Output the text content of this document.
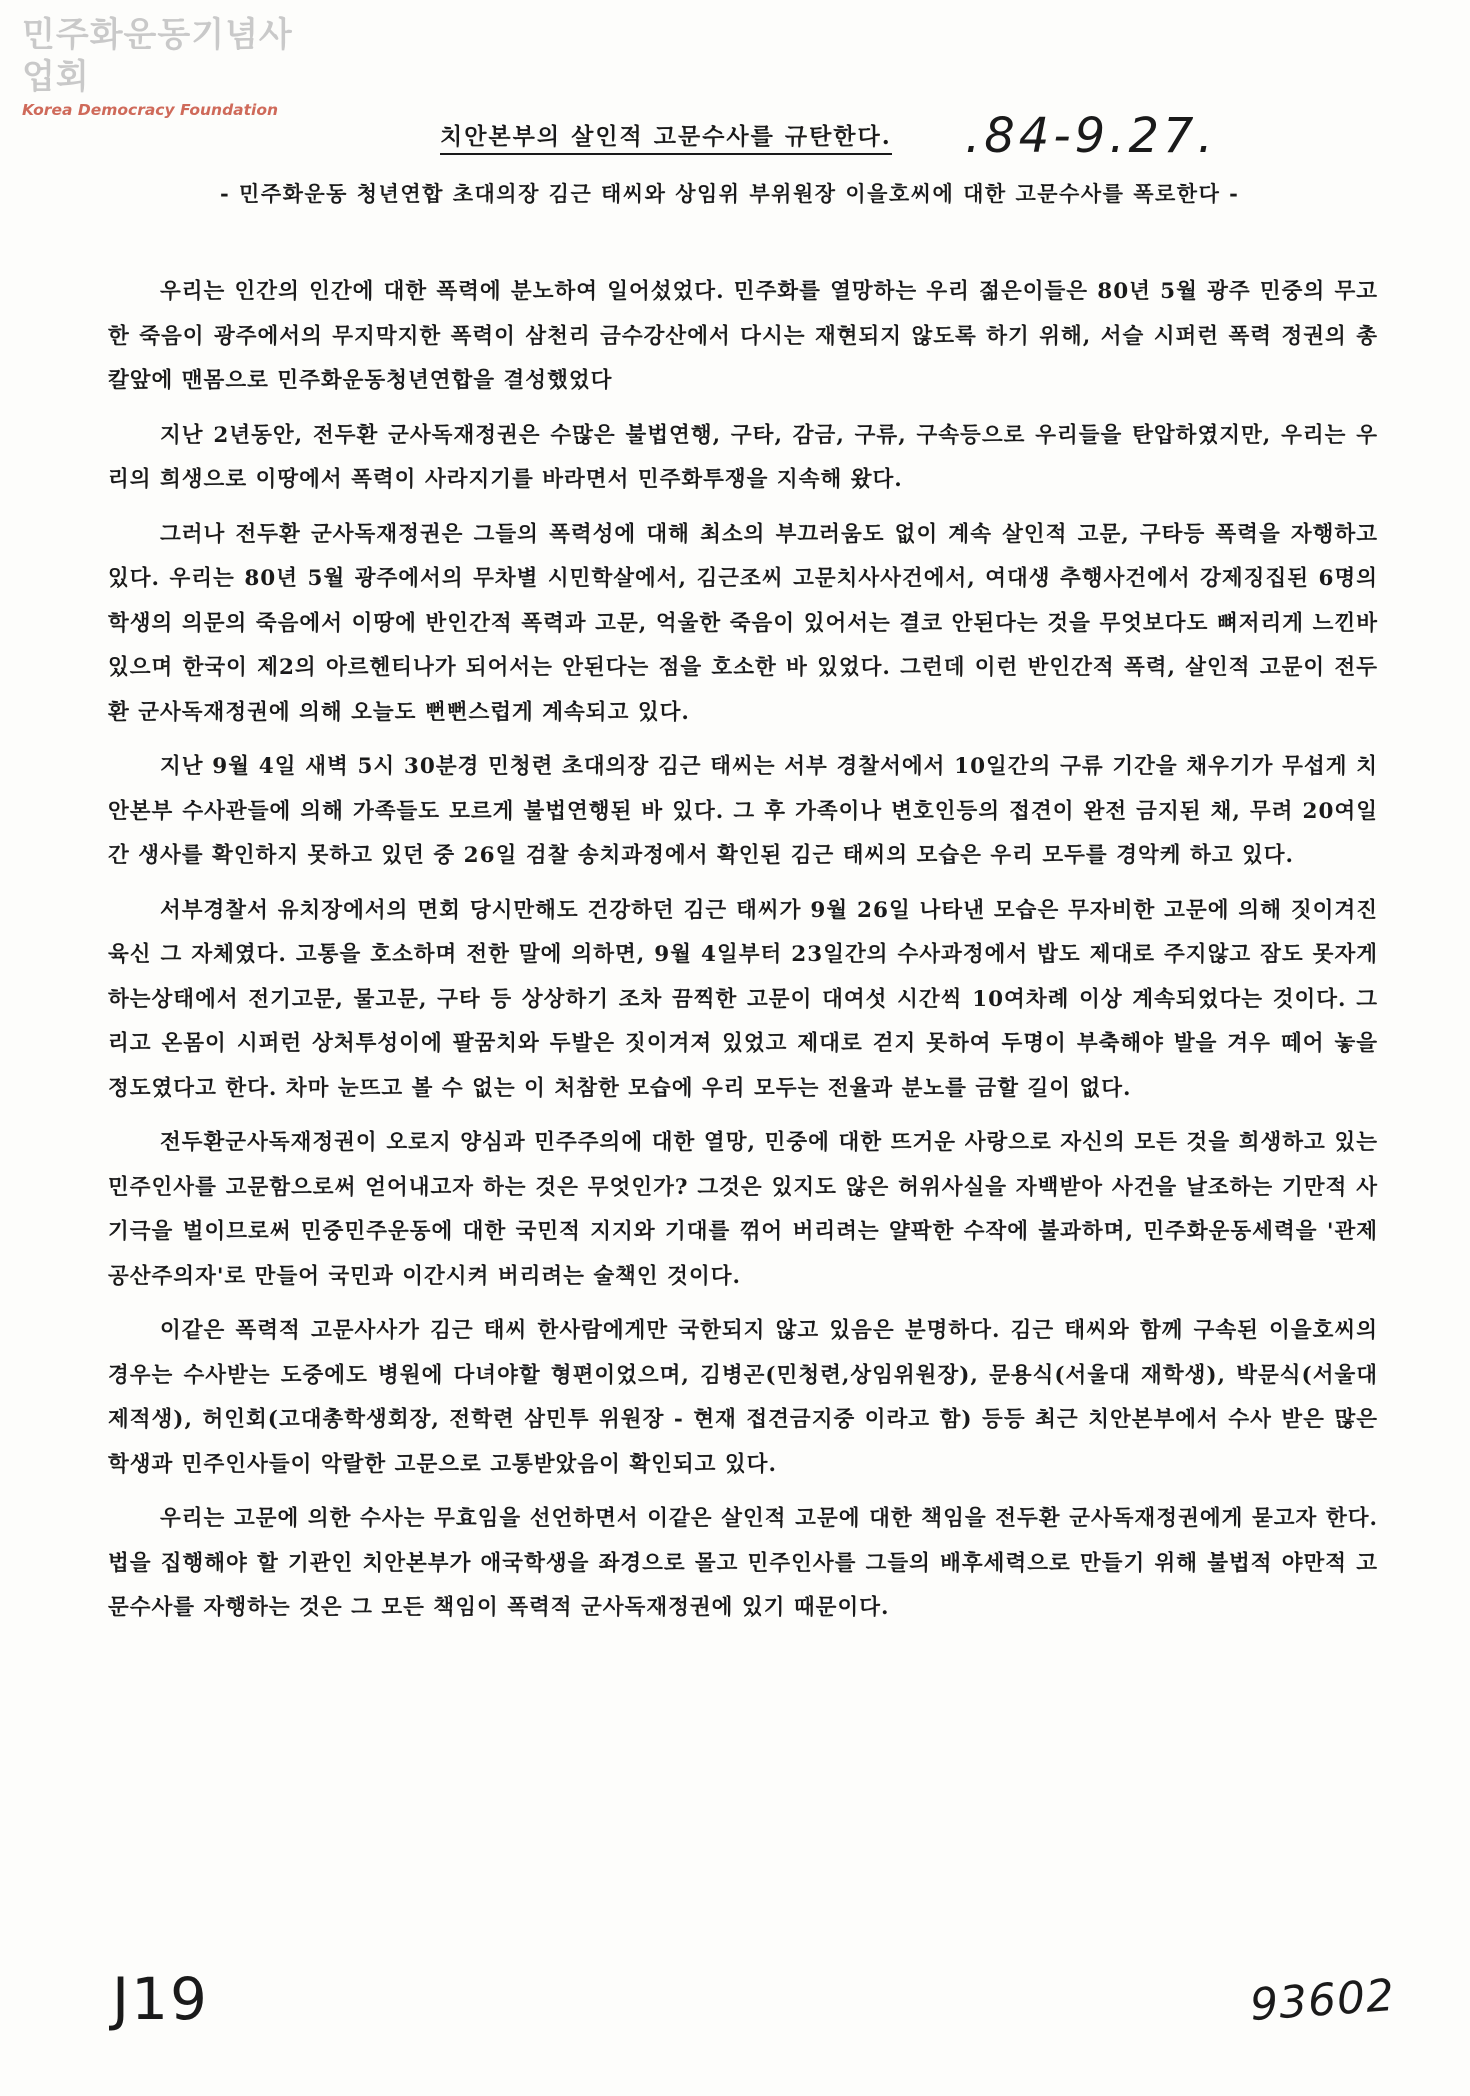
민주화운동기념사업회
Korea Democracy Foundation
치안본부의 살인적 고문수사를 규탄한다. .84-9.27.
- 민주화운동 청년연합 초대의장 김근 태씨와 상임위 부위원장 이을호씨에 대한 고문수사를 폭로한다 -

우리는 인간의 인간에 대한 폭력에 분노하여 일어섰었다. 민주화를 열망하는 우리 젊은이들은 80년 5월 광주 민중의 무고한 죽음이 광주에서의 무지막지한 폭력이 삼천리 금수강산에서 다시는 재현되지 않도록 하기 위해, 서슬 시퍼런 폭력 정권의 총칼앞에 맨몸으로 민주화운동청년연합을 결성했었다

지난 2년동안, 전두환 군사독재정권은 수많은 불법연행, 구타, 감금, 구류, 구속등으로 우리들을 탄압하였지만, 우리는 우리의 희생으로 이땅에서 폭력이 사라지기를 바라면서 민주화투쟁을 지속해 왔다.

그러나 전두환 군사독재정권은 그들의 폭력성에 대해 최소의 부끄러움도 없이 계속 살인적 고문, 구타등 폭력을 자행하고 있다. 우리는 80년 5월 광주에서의 무차별 시민학살에서, 김근조씨 고문치사사건에서, 여대생 추행사건에서 강제징집된 6명의 학생의 의문의 죽음에서 이땅에 반인간적 폭력과 고문, 억울한 죽음이 있어서는 결코 안된다는 것을 무엇보다도 뼈저리게 느낀바 있으며 한국이 제2의 아르헨티나가 되어서는 안된다는 점을 호소한 바 있었다. 그런데 이런 반인간적 폭력, 살인적 고문이 전두환 군사독재정권에 의해 오늘도 뻔뻔스럽게 계속되고 있다.

지난 9월 4일 새벽 5시 30분경 민청련 초대의장 김근 태씨는 서부 경찰서에서 10일간의 구류 기간을 채우기가 무섭게 치안본부 수사관들에 의해 가족들도 모르게 불법연행된 바 있다. 그 후 가족이나 변호인등의 접견이 완전 금지된 채, 무려 20여일간 생사를 확인하지 못하고 있던 중 26일 검찰 송치과정에서 확인된 김근 태씨의 모습은 우리 모두를 경악케 하고 있다.

서부경찰서 유치장에서의 면회 당시만해도 건강하던 김근 태씨가 9월 26일 나타낸 모습은 무자비한 고문에 의해 짓이겨진 육신 그 자체였다. 고통을 호소하며 전한 말에 의하면, 9월 4일부터 23일간의 수사과정에서 밥도 제대로 주지않고 잠도 못자게 하는상태에서 전기고문, 물고문, 구타 등 상상하기 조차 끔찍한 고문이 대여섯 시간씩 10여차례 이상 계속되었다는 것이다. 그리고 온몸이 시퍼런 상처투성이에 팔꿈치와 두발은 짓이겨져 있었고 제대로 걷지 못하여 두명이 부축해야 발을 겨우 떼어 놓을 정도였다고 한다. 차마 눈뜨고 볼 수 없는 이 처참한 모습에 우리 모두는 전율과 분노를 금할 길이 없다.

전두환군사독재정권이 오로지 양심과 민주주의에 대한 열망, 민중에 대한 뜨거운 사랑으로 자신의 모든 것을 희생하고 있는 민주인사를 고문함으로써 얻어내고자 하는 것은 무엇인가? 그것은 있지도 않은 허위사실을 자백받아 사건을 날조하는 기만적 사기극을 벌이므로써 민중민주운동에 대한 국민적 지지와 기대를 꺾어 버리려는 얄팍한 수작에 불과하며, 민주화운동세력을 '관제 공산주의자'로 만들어 국민과 이간시켜 버리려는 술책인 것이다.

이같은 폭력적 고문사사가 김근 태씨 한사람에게만 국한되지 않고 있음은 분명하다. 김근 태씨와 함께 구속된 이을호씨의 경우는 수사받는 도중에도 병원에 다녀야할 형편이었으며, 김병곤(민청련,상임위원장), 문용식(서울대 재학생), 박문식(서울대 제적생), 허인회(고대총학생회장, 전학련 삼민투 위원장 - 현재 접견금지중 이라고 함) 등등 최근 치안본부에서 수사 받은 많은 학생과 민주인사들이 악랄한 고문으로 고통받았음이 확인되고 있다.

우리는 고문에 의한 수사는 무효임을 선언하면서 이같은 살인적 고문에 대한 책임을 전두환 군사독재정권에게 묻고자 한다. 법을 집행해야 할 기관인 치안본부가 애국학생을 좌경으로 몰고 민주인사를 그들의 배후세력으로 만들기 위해 불법적 야만적 고문수사를 자행하는 것은 그 모든 책임이 폭력적 군사독재정권에 있기 때문이다.

J19	93602
